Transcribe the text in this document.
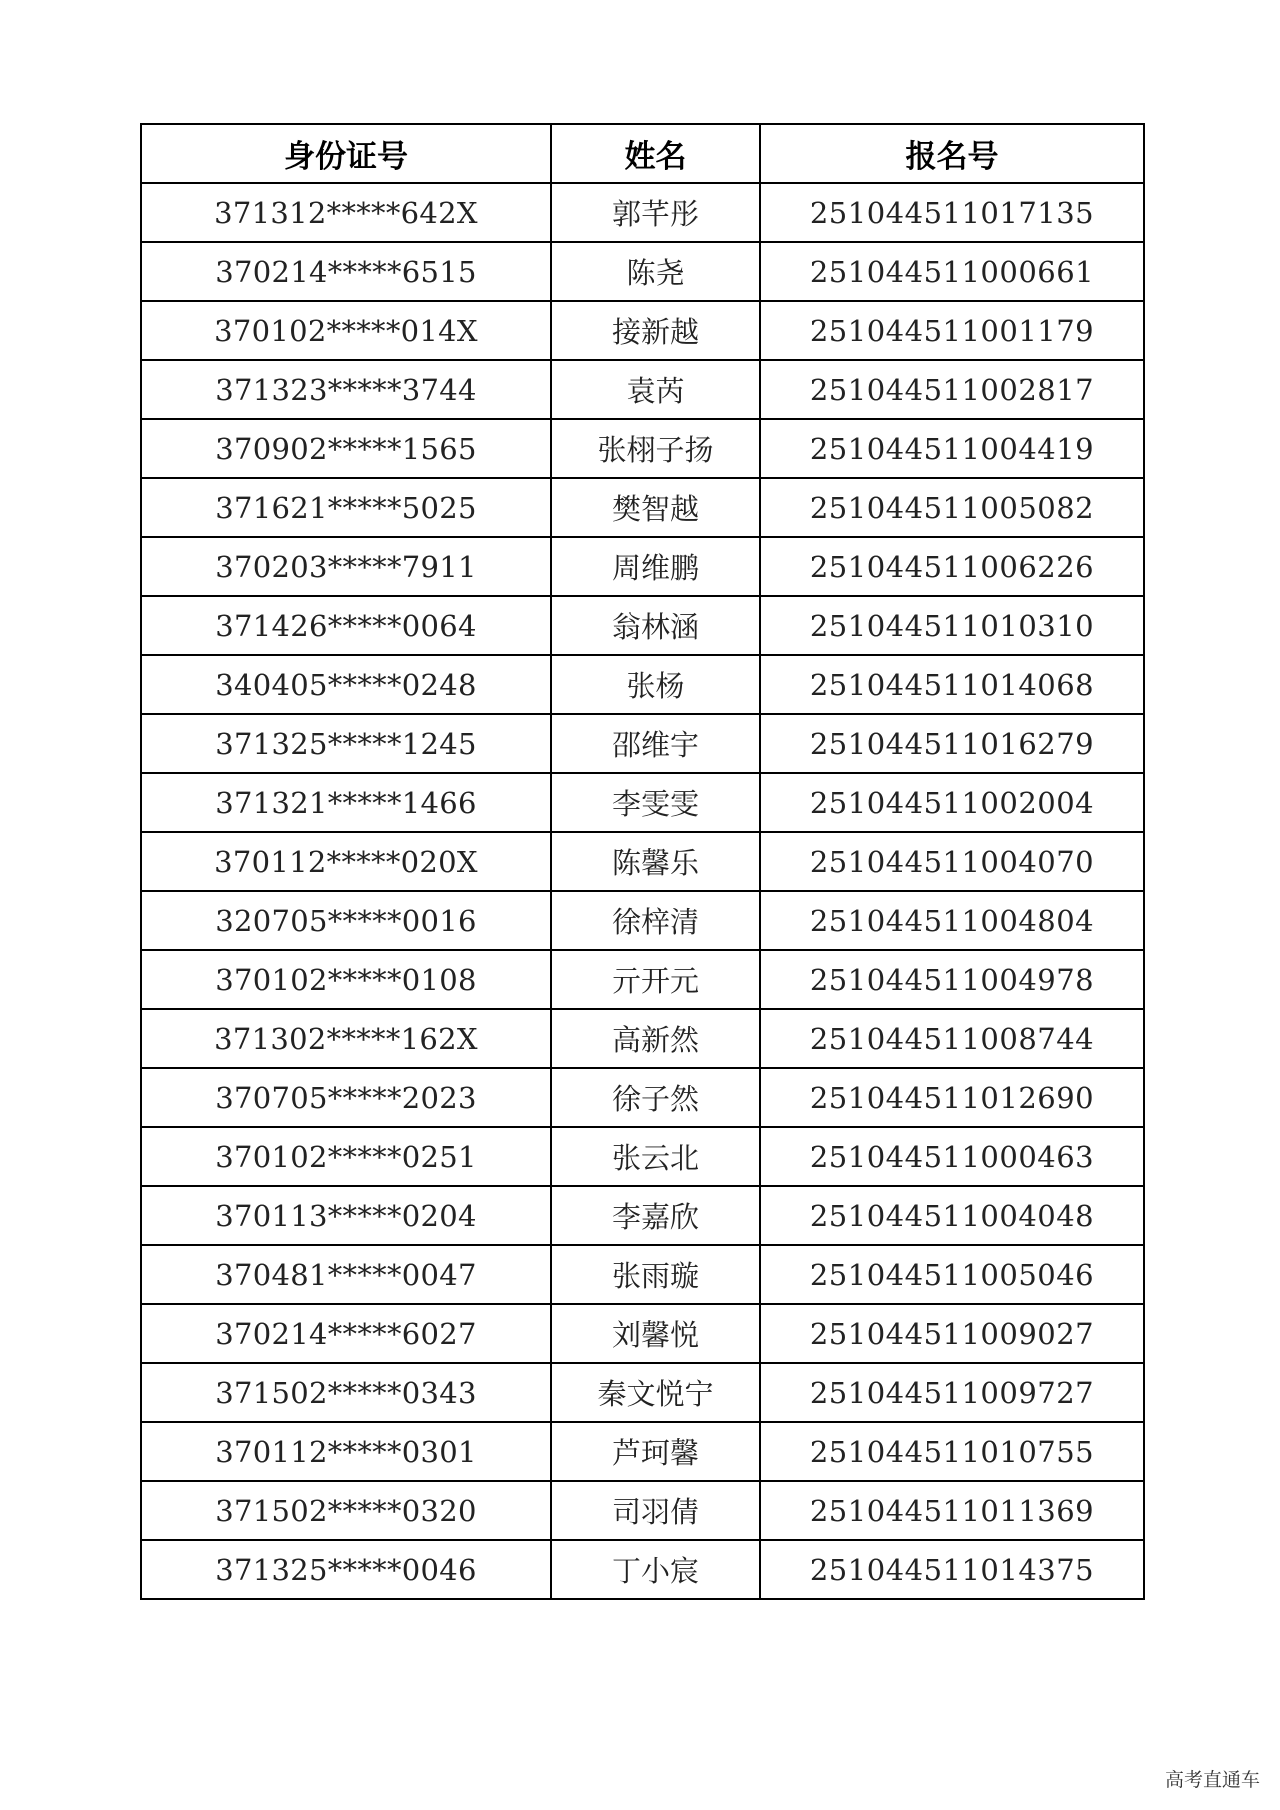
身份证号	姓名	报名号
371312*****642X	郭芊彤	251044511017135
370214*****6515	陈尧	251044511000661
370102*****014X	接新越	251044511001179
371323*****3744	袁芮	251044511002817
370902*****1565	张栩子扬	251044511004419
371621*****5025	樊智越	251044511005082
370203*****7911	周维鹏	251044511006226
371426*****0064	翁林涵	251044511010310
340405*****0248	张杨	251044511014068
371325*****1245	邵维宇	251044511016279
371321*****1466	李雯雯	251044511002004
370112*****020X	陈馨乐	251044511004070
320705*****0016	徐梓清	251044511004804
370102*****0108	亓开元	251044511004978
371302*****162X	高新然	251044511008744
370705*****2023	徐子然	251044511012690
370102*****0251	张云北	251044511000463
370113*****0204	李嘉欣	251044511004048
370481*****0047	张雨璇	251044511005046
370214*****6027	刘馨悦	251044511009027
371502*****0343	秦文悦宁	251044511009727
370112*****0301	芦珂馨	251044511010755
371502*****0320	司羽倩	251044511011369
371325*****0046	丁小宸	251044511014375
高考直通车
